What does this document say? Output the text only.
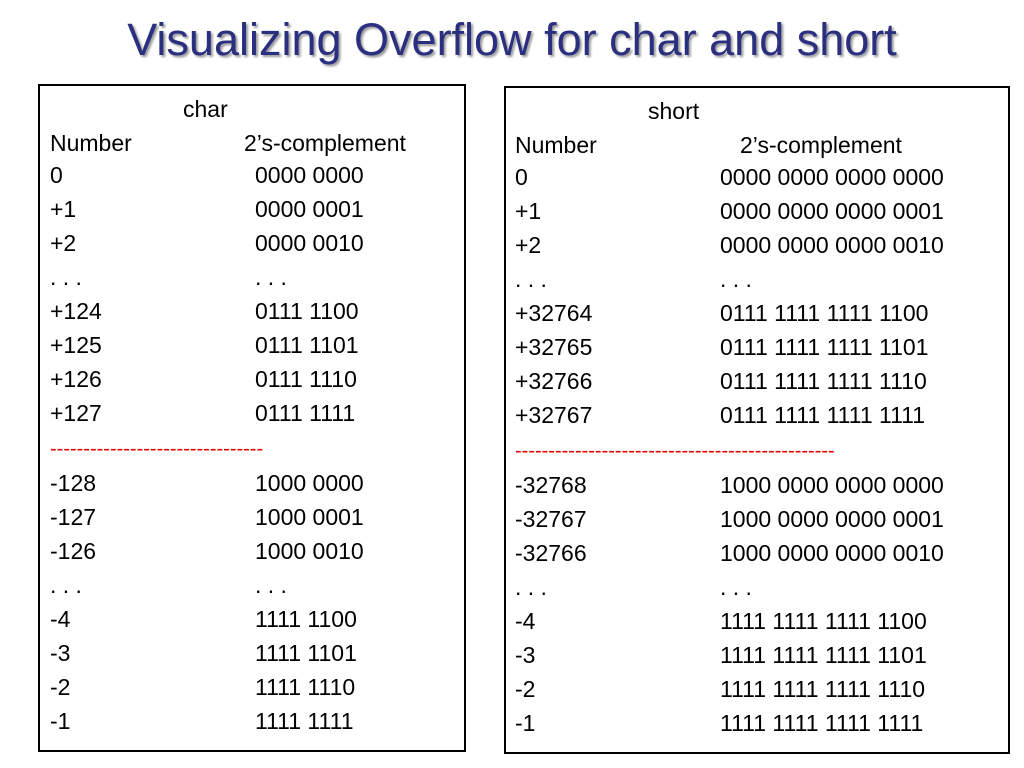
Visualizing Overflow for char and short
char
Number	2’s-complement
0	0000 0000
+1	0000 0001
+2	0000 0010
. . .	. . .
+124	0111 1100
+125	0111 1101
+126	0111 1110
+127	0111 1111
--------------------------------
-128	1000 0000
-127	1000 0001
-126	1000 0010
. . .	. . .
-4	1111 1100
-3	1111 1101
-2	1111 1110
-1	1111 1111
short
Number	2’s-complement
0	0000 0000 0000 0000
+1	0000 0000 0000 0001
+2	0000 0000 0000 0010
. . .	. . .
+32764	0111 1111 1111 1100
+32765	0111 1111 1111 1101
+32766	0111 1111 1111 1110
+32767	0111 1111 1111 1111
------------------------------------------------
-32768	1000 0000 0000 0000
-32767	1000 0000 0000 0001
-32766	1000 0000 0000 0010
. . .	. . .
-4	1111 1111 1111 1100
-3	1111 1111 1111 1101
-2	1111 1111 1111 1110
-1	1111 1111 1111 1111
